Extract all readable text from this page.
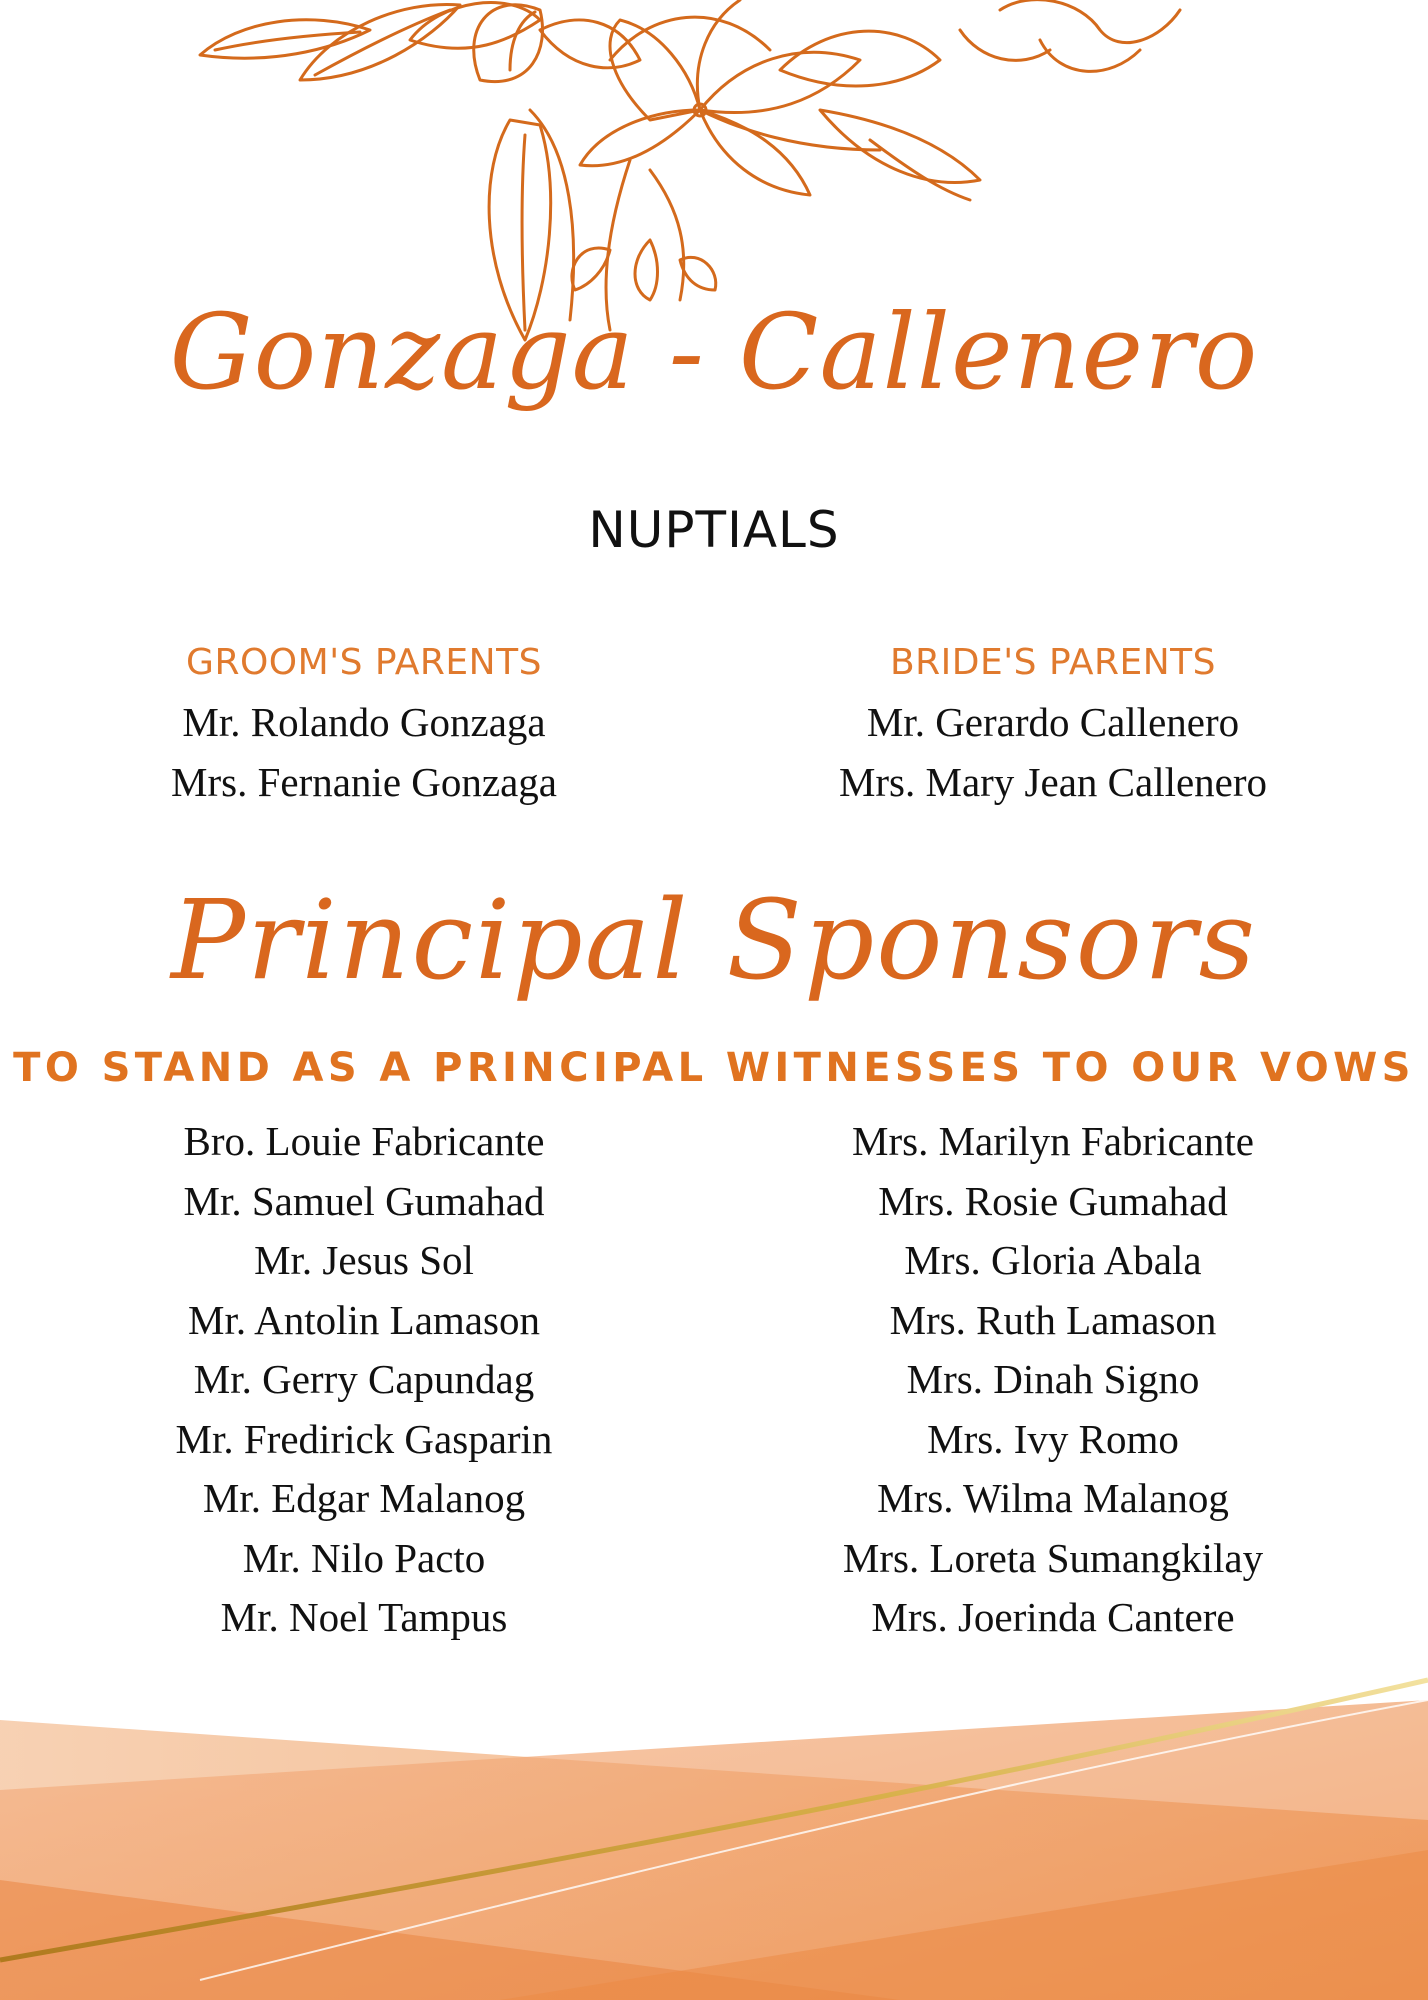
Gonzaga - Callenero
NUPTIALS
GROOM'S PARENTS
Mr. Rolando Gonzaga
Mrs. Fernanie Gonzaga
BRIDE'S PARENTS
Mr. Gerardo Callenero
Mrs. Mary Jean Callenero
Principal Sponsors
TO STAND AS A PRINCIPAL WITNESSES TO OUR VOWS
Bro. Louie Fabricante
Mr. Samuel Gumahad
Mr. Jesus Sol
Mr. Antolin Lamason
Mr. Gerry Capundag
Mr. Fredirick Gasparin
Mr. Edgar Malanog
Mr. Nilo Pacto
Mr. Noel Tampus
Mrs. Marilyn Fabricante
Mrs. Rosie Gumahad
Mrs. Gloria Abala
Mrs. Ruth Lamason
Mrs. Dinah Signo
Mrs. Ivy Romo
Mrs. Wilma Malanog
Mrs. Loreta Sumangkilay
Mrs. Joerinda Cantere
